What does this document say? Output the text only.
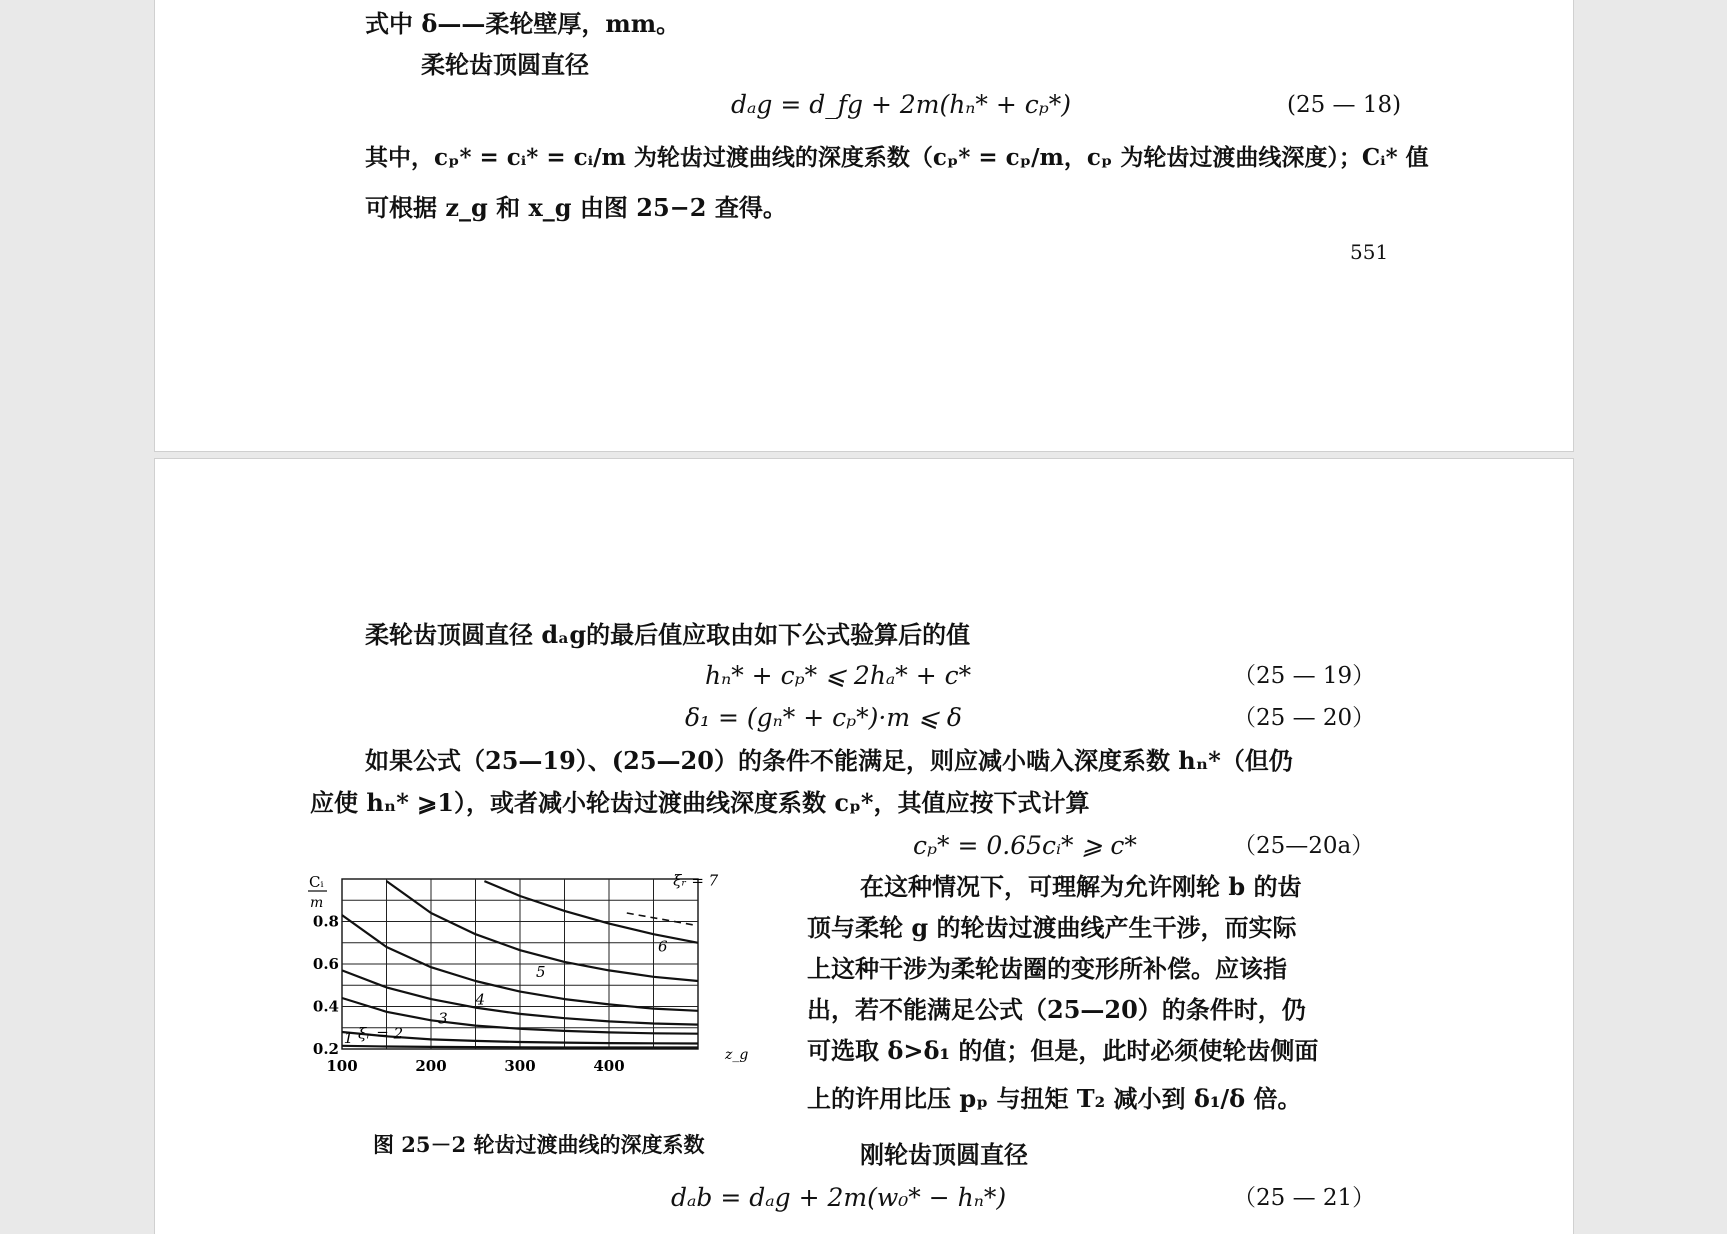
式中 δ——柔轮壁厚，mm。
柔轮齿顶圆直径
dₐg = d_fg + 2m(hₙ* + cₚ*)	(25 — 18)
其中，cₚ* = cᵢ* = cᵢ/m 为轮齿过渡曲线的深度系数（cₚ* = cₚ/m，cₚ 为轮齿过渡曲线深度）；Cᵢ* 值
可根据 z_g 和 x_g 由图 25−2 查得。
551
柔轮齿顶圆直径 dₐg的最后值应取由如下公式验算后的值
hₙ* + cₚ* ⩽ 2hₐ* + c*	（25 — 19）
δ₁ = (gₙ* + cₚ*)·m ⩽ δ	（25 — 20）
如果公式（25—19）、(25—20）的条件不能满足，则应减小啮入深度系数 hₙ*（但仍
应使 hₙ* ⩾1），或者减小轮齿过渡曲线深度系数 cₚ*，其值应按下式计算
cₚ* = 0.65cᵢ* ⩾ c*	（25—20a）
在这种情况下，可理解为允许刚轮 b 的齿
顶与柔轮 g 的轮齿过渡曲线产生干涉，而实际
上这种干涉为柔轮齿圈的变形所补偿。应该指
出，若不能满足公式（25—20）的条件时，仍
可选取 δ>δ₁ 的值；但是，此时必须使轮齿侧面
上的许用比压 pₚ 与扭矩 T₂ 减小到 δ₁/δ 倍。
刚轮齿顶圆直径
dₐb = dₐg + 2m(w₀* − hₙ*)	（25 — 21）
100	200	300	400
0.2
0.4
0.6
0.8
ξᵣ = 7
6
5
4
3
ξᵣ = 2
1
Cᵢ
m
z_g
图 25－2 轮齿过渡曲线的深度系数
